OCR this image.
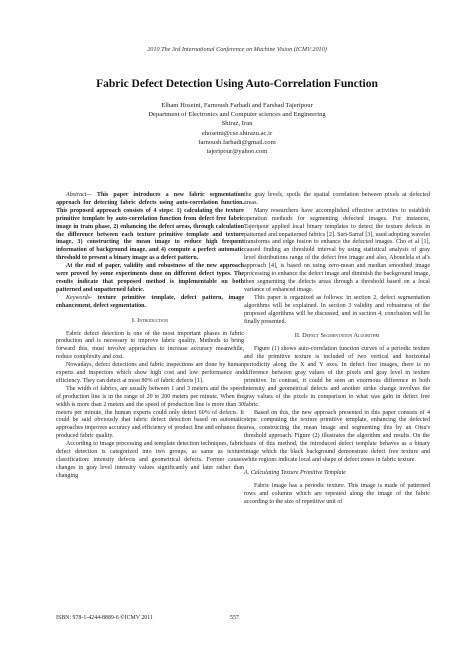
2010 The 3rd International Conference on Machine Vision (ICMV 2010)
Fabric Defect Detection Using Auto-Correlation Function
Elham Hoseini, Farnoush Farhadi and Farshad Tajeripour
Department of Electronics and Computer sciences and Engineering
Shiraz, Iran
ehoseini@cse.shirazu.ac.ir
farnoush.farhadi@gmail.com
tajeripour@yahoo.com

Abstract— This paper introduces a new fabric segmentation approach for detecting fabric defects using auto-correlation function. This proposed approach consists of 4 steps: 1) calculating the texture primitive template by auto-correlation function from defect free fabric image in train phase, 2) enhancing the defect areas, through calculation the difference between each texture primitive template and texture image, 3) constructing the mean image to reduce high frequent information of background image, and 4) compute a perfect automatic threshold to present a binary image as a defect pattern.

At the end of paper, validity and robustness of the new approach were proved by some experiments done on different defect types. The results indicate that proposed method is implementable on both patterned and unpatterned fabric.

Keywords- texture primitive template, defect pattern, image enhancement, defect segmentation.

I. Introduction

Fabric defect detection is one of the most important phases in fabric production and is necessary to improve fabric quality. Methods to bring forward this, must involve approaches to increase accuracy meanwhile, reduce complexity and cost.

Nowadays, defect detections and fabric inspections are done by human experts and inspectors which show high cost and low performance and efficiency. They can detect at most 80% of fabric defects [1].

The width of fabrics, are usually between 1 and 3 meters and the speed of production line is in the range of 20 to 200 meters per minute. When the width is more than 2 meters and the speed of production line is more than 30 meters per minute, the human experts could only detect 60% of defects. It could be said obviously that fabric defect detection based on automatic approaches improves accuracy and efficiency of product line and enhance the produced fabric quality.

According to image processing and template detection techniques, fabric defect detection is categorized into two groups, as same as texture classification: intensity defects and geometrical defects. Former causes changes in gray level intensity values significantly and later rather than changing

the gray levels, spoils the spatial correlation between pixels at defected areas.

Many researchers have accomplished effective activities to establish operation methods for segmenting defected images. For instances, Tajeripour applied local binary templates to detect the texture defects in patterned and unpatterned fabrics [2]. Sari-Sarraf [3], used adopting wavelet transforms and edge fusion to enhance the defected images. Cho et al [1], caused finding an threshold interval by using statistical analysis of gray level distributions range of the defect free image and also, Abouelela et al's approach [4], is based on using zero-mean and median smoothed image processing to enhance the defect image and diminish the background image, then segmenting the defects areas through a threshold based on a local variance of enhanced image.

This paper is organized as follows: in section 2, defect segmentation algorithms will be explained. In section 3 validity and robustness of the proposed algorithms will be discussed, and in section 4, conclusion will be finally presented.

II. Defect Segmentation Algorithm

Figure (1) shows auto-correlation function curves of a periodic texture and the primitive texture is included of two vertical and horizontal periodicity along the X and Y axes. In defect free images, there is no difference between gray values of the pixels and gray level in texture primitive. In contrast, it could be seen an enormous difference in both intensity and geometrical defects and another strike change involves the gray values of the pixels in comparison to what was gain in defect free fabric.

Based on this, the new approach presented in this paper consists of 4 steps: computing the texture primitive template, enhancing the defected area, constructing the mean image and segmenting this by an Otsu's threshold approach. Figure (2) illustrates the algorithm and results. On the basis of this method, the introduced defect template behaves as a binary image which the black background demonstrate defect free texture and white regions indicate local and shape of defect zones in fabric texture.

A. Calculating Texture Primitive Template

Fabric image has a periodic texture. This image is made of patterned rows and columns which are repeated along the image of the fabric according to the size of repetitive unit of

ISBN: 978-1-4244-8889-6 ©ICMV 2011	557
